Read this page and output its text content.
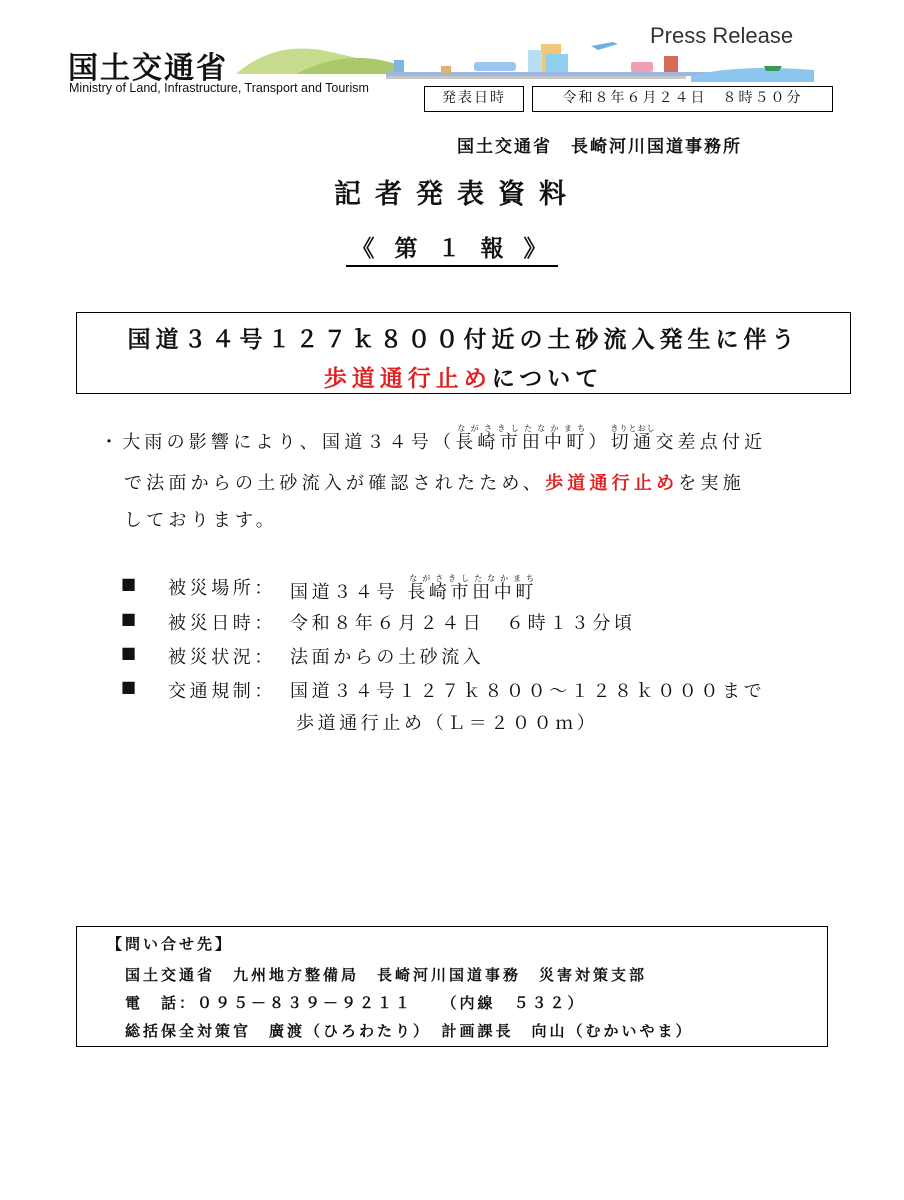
国土交通省
Ministry of Land, Infrastructure, Transport and Tourism
Press Release
発表日時	令和８年６月２４日　８時５０分
国土交通省　長崎河川国道事務所
記者発表資料
《 第 １ 報 》
国道３４号１２７ｋ８００付近の土砂流入発生に伴う
歩道通行止めについて
・大雨の影響により、国道３４号（長崎市田中町ながさきしたなかまち）切通きりとおし交差点付近
で法面からの土砂流入が確認されたため、歩道通行止めを実施
しております。
■ 被災場所： 国道３４号 長崎市田中町ながさきしたなかまち
■ 被災日時： 令和８年６月２４日　６時１３分頃
■ 被災状況： 法面からの土砂流入
■ 交通規制： 国道３４号１２７ｋ８００～１２８ｋ０００まで
歩道通行止め（Ｌ＝２００ｍ）
【問い合せ先】
国土交通省　九州地方整備局　長崎河川国道事務　災害対策支部
電　話：０９５－８３９－９２１１　　（内線　５３２）
総括保全対策官　廣渡（ひろわたり）　計画課長　向山（むかいやま）
